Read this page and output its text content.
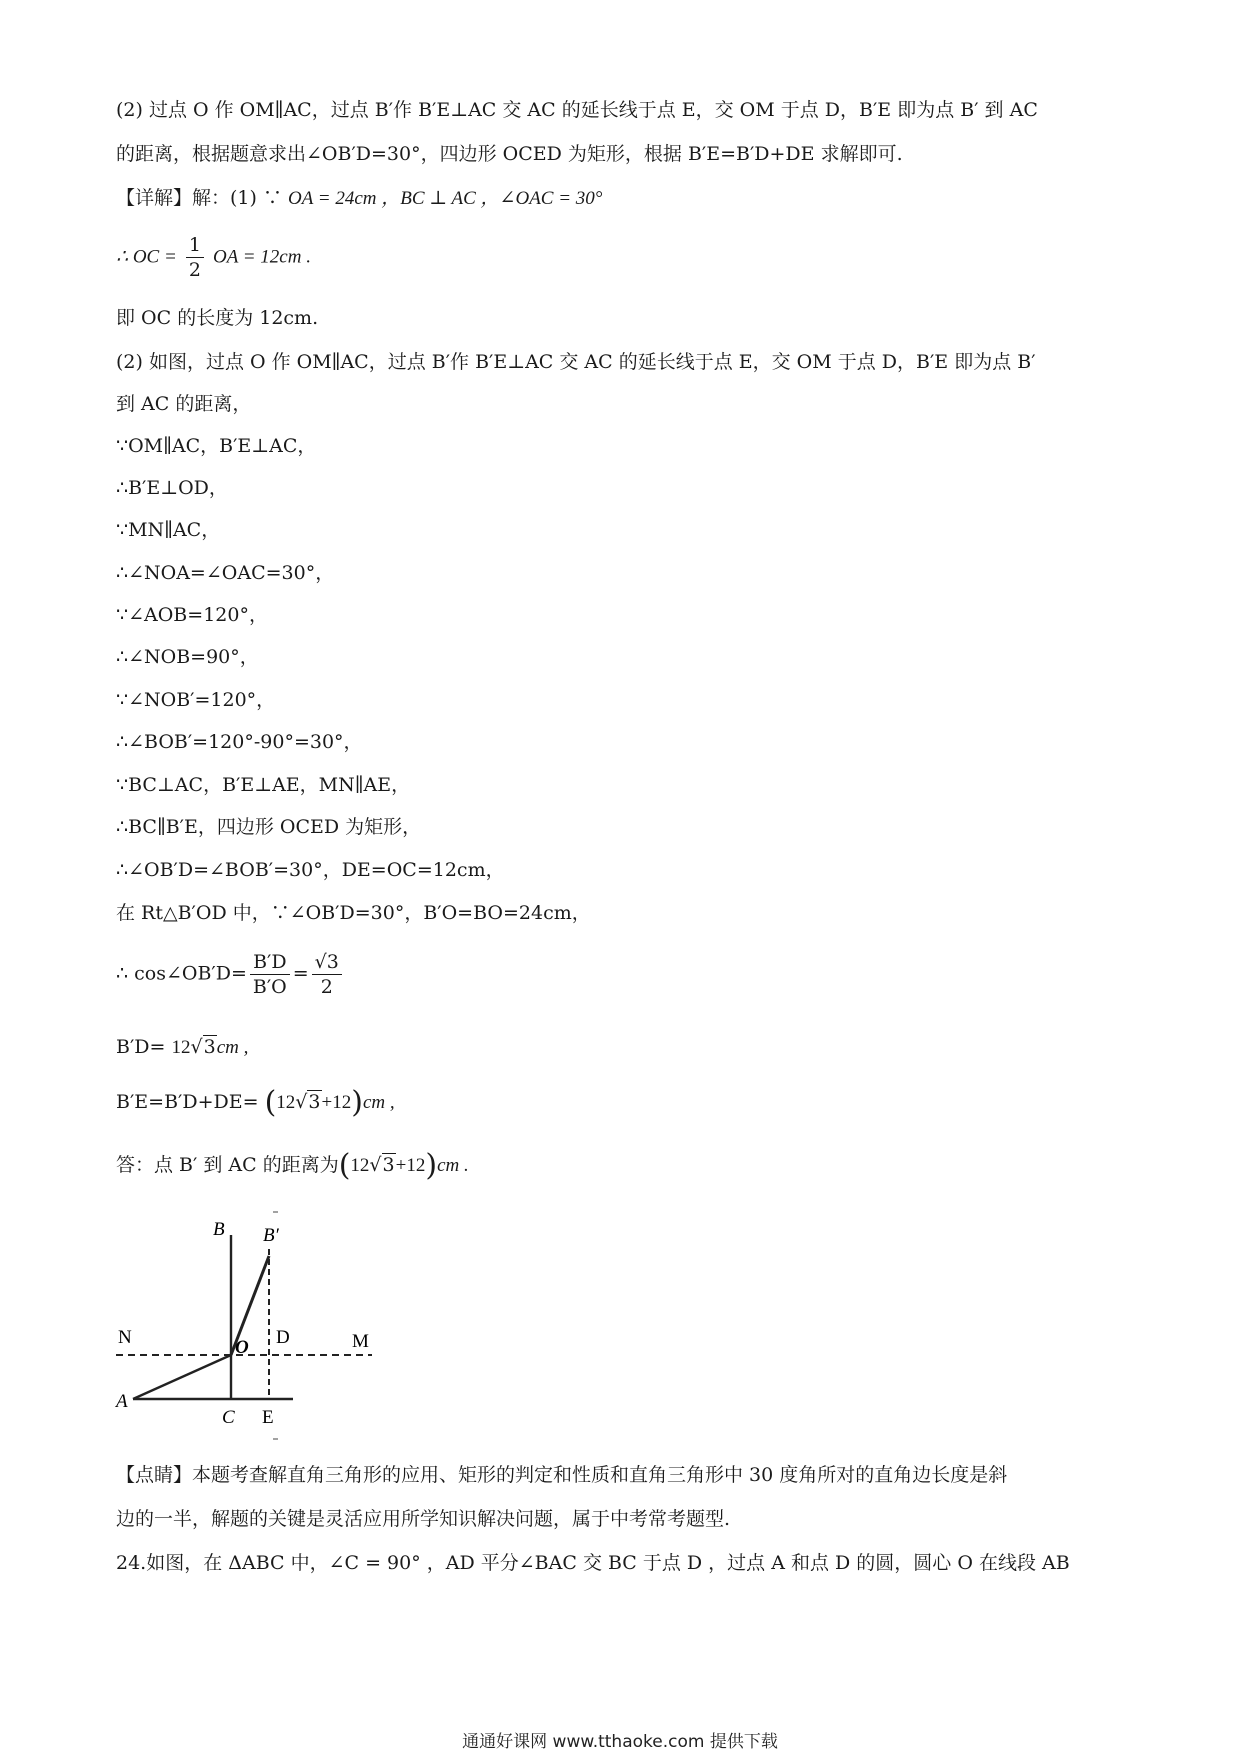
(2) 过点 O 作 OM∥AC，过点 B′作 B′E⊥AC 交 AC 的延长线于点 E，交 OM 于点 D，B′E 即为点 B′ 到 AC
的距离，根据题意求出∠OB′D=30°，四边形 OCED 为矩形，根据 B′E=B′D+DE 求解即可.
【详解】解：(1) ∵ OA = 24cm ，BC ⊥ AC ，∠OAC = 30°
∴ OC = $\frac{1}{2}$ OA = 12cm .
即 OC 的长度为 12cm.
(2) 如图，过点 O 作 OM∥AC，过点 B′作 B′E⊥AC 交 AC 的延长线于点 E，交 OM 于点 D，B′E 即为点 B′
到 AC 的距离，
∵OM∥AC，B′E⊥AC，
∴B′E⊥OD，
∵MN∥AC，
∴∠NOA=∠OAC=30°，
∵∠AOB=120°，
∴∠NOB=90°，
∵∠NOB′=120°，
∴∠BOB′=120°-90°=30°，
∵BC⊥AC，B′E⊥AE，MN∥AE，
∴BC∥B′E，四边形 OCED 为矩形，
∴∠OB′D=∠BOB′=30°，DE=OC=12cm，
在 Rt△B′OD 中，∵∠OB′D=30°，B′O=BO=24cm，
∴ cos∠OB′D= $\frac{B'D}{B'O} = \frac{√3}{2}$
B′D= 12√3cm ,
B′E=B′D+DE= (12√3+12)cm ,
答：点 B′ 到 AC 的距离为(12√3+12)cm .
B B′
N	M
O D
A
C E
【点睛】本题考查解直角三角形的应用、矩形的判定和性质和直角三角形中 30 度角所对的直角边长度是斜
边的一半，解题的关键是灵活应用所学知识解决问题，属于中考常考题型.
24.如图，在 ΔABC 中，∠C = 90° ，AD 平分∠BAC 交 BC 于点 D ，过点 A 和点 D 的圆，圆心 O 在线段 AB
通通好课网 www.tthaoke.com 提供下载
